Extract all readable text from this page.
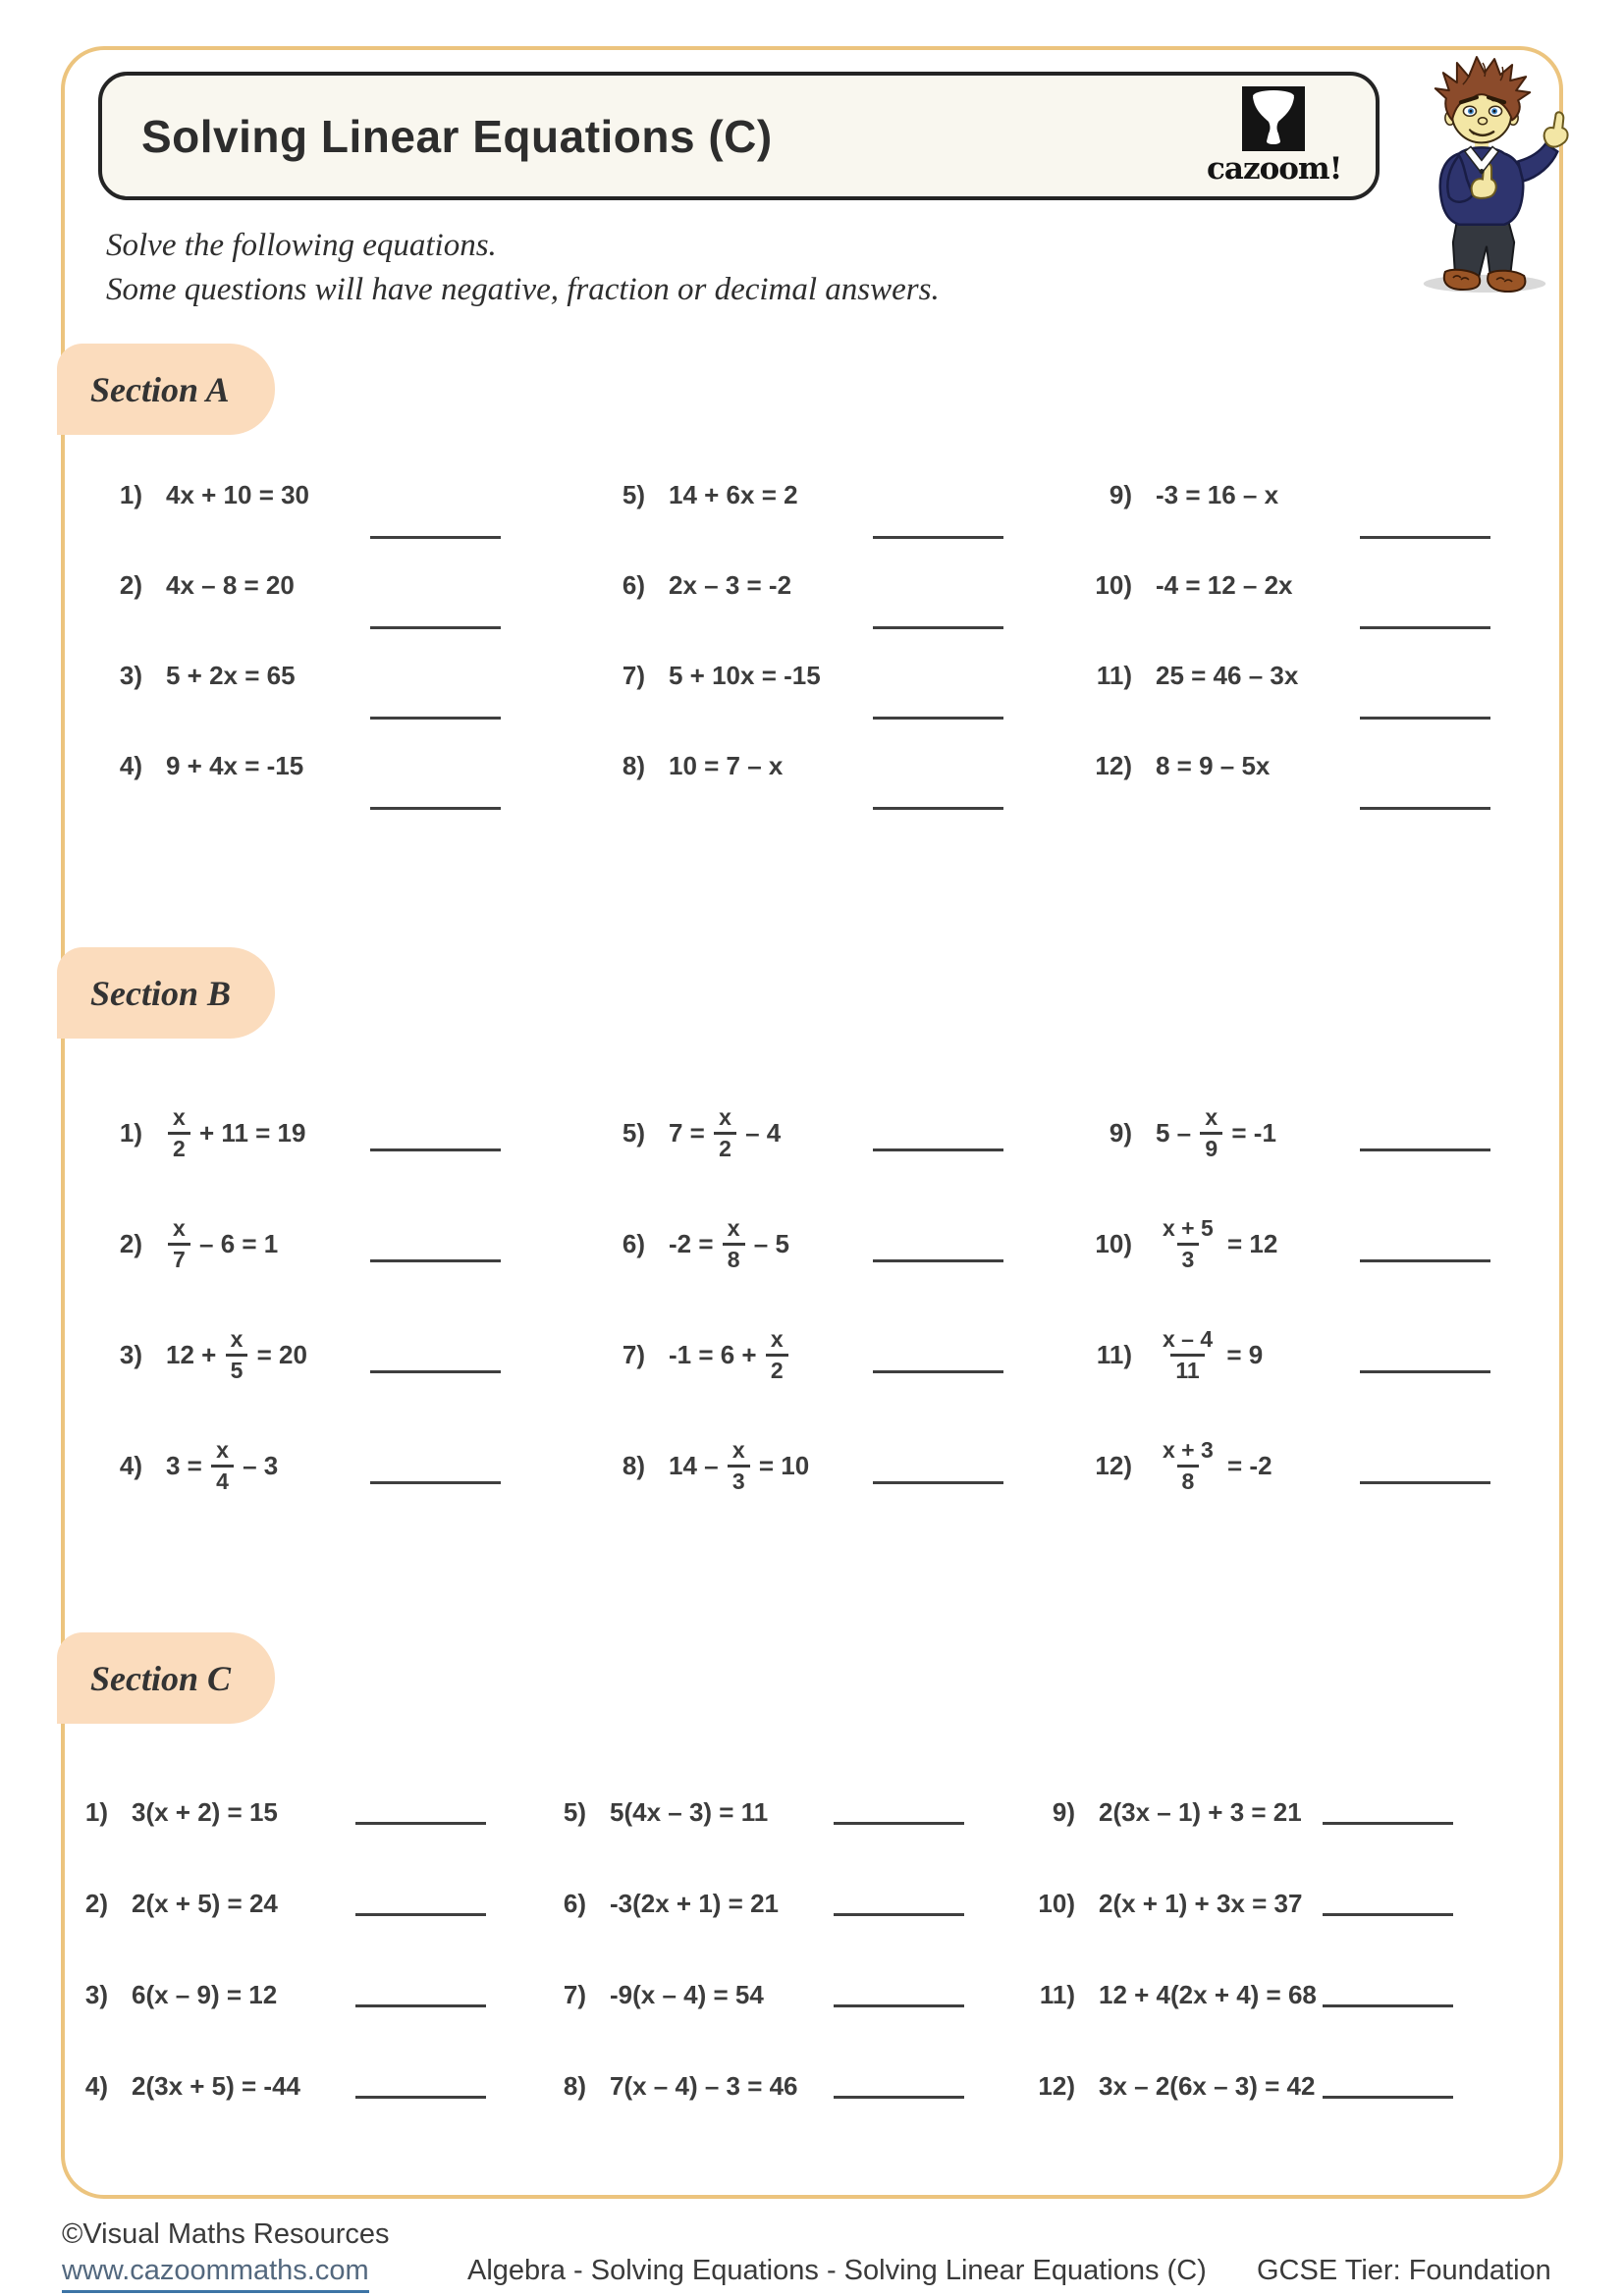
Solving Linear Equations (C)
cazoom!
Solve the following equations.
Some questions will have negative, fraction or decimal answers.
Section A
1) 4x + 10 = 30
2) 4x – 8 = 20
3) 5 + 2x = 65
4) 9 + 4x = -15
5) 14 + 6x = 2
6) 2x – 3 = -2
7) 5 + 10x = -15
8) 10 = 7 – x
9) -3 = 16 – x
10) -4 = 12 – 2x
11) 25 = 46 – 3x
12) 8 = 9 – 5x
Section B
$1) \frac{x}{2} + 11 = 19$
$2) \frac{x}{7} - 6 = 1$
3) $12 + \frac{x}{5} = 20$
4) $3 = \frac{x}{4} - 3$
5) $7 = \frac{x}{2} - 4$
6) $-2 = \frac{x}{8} - 5$
7) $-1 = 6 + \frac{x}{2}$
8) $14 - \frac{x}{3} = 10$
9) $5 - \frac{x}{9} = -1$
$10) \frac{x + 5}{3} = 12$
$11) \frac{x - 4}{11} = 9$
$12) \frac{x + 3}{8} = -2$
Section C
1) 3(x + 2) = 15
2) 2(x + 5) = 24
3) 6(x – 9) = 12
4) 2(3x + 5) = -44
5) 5(4x – 3) = 11
6) -3(2x + 1) = 21
7) -9(x – 4) = 54
8) 7(x – 4) – 3 = 46
9) 2(3x – 1) + 3 = 21
10) 2(x + 1) + 3x = 37
11) 12 + 4(2x + 4) = 68
12) 3x – 2(6x – 3) = 42
©Visual Maths Resources
www.cazoommaths.com	Algebra - Solving Equations - Solving Linear Equations (C) GCSE Tier: Foundation
